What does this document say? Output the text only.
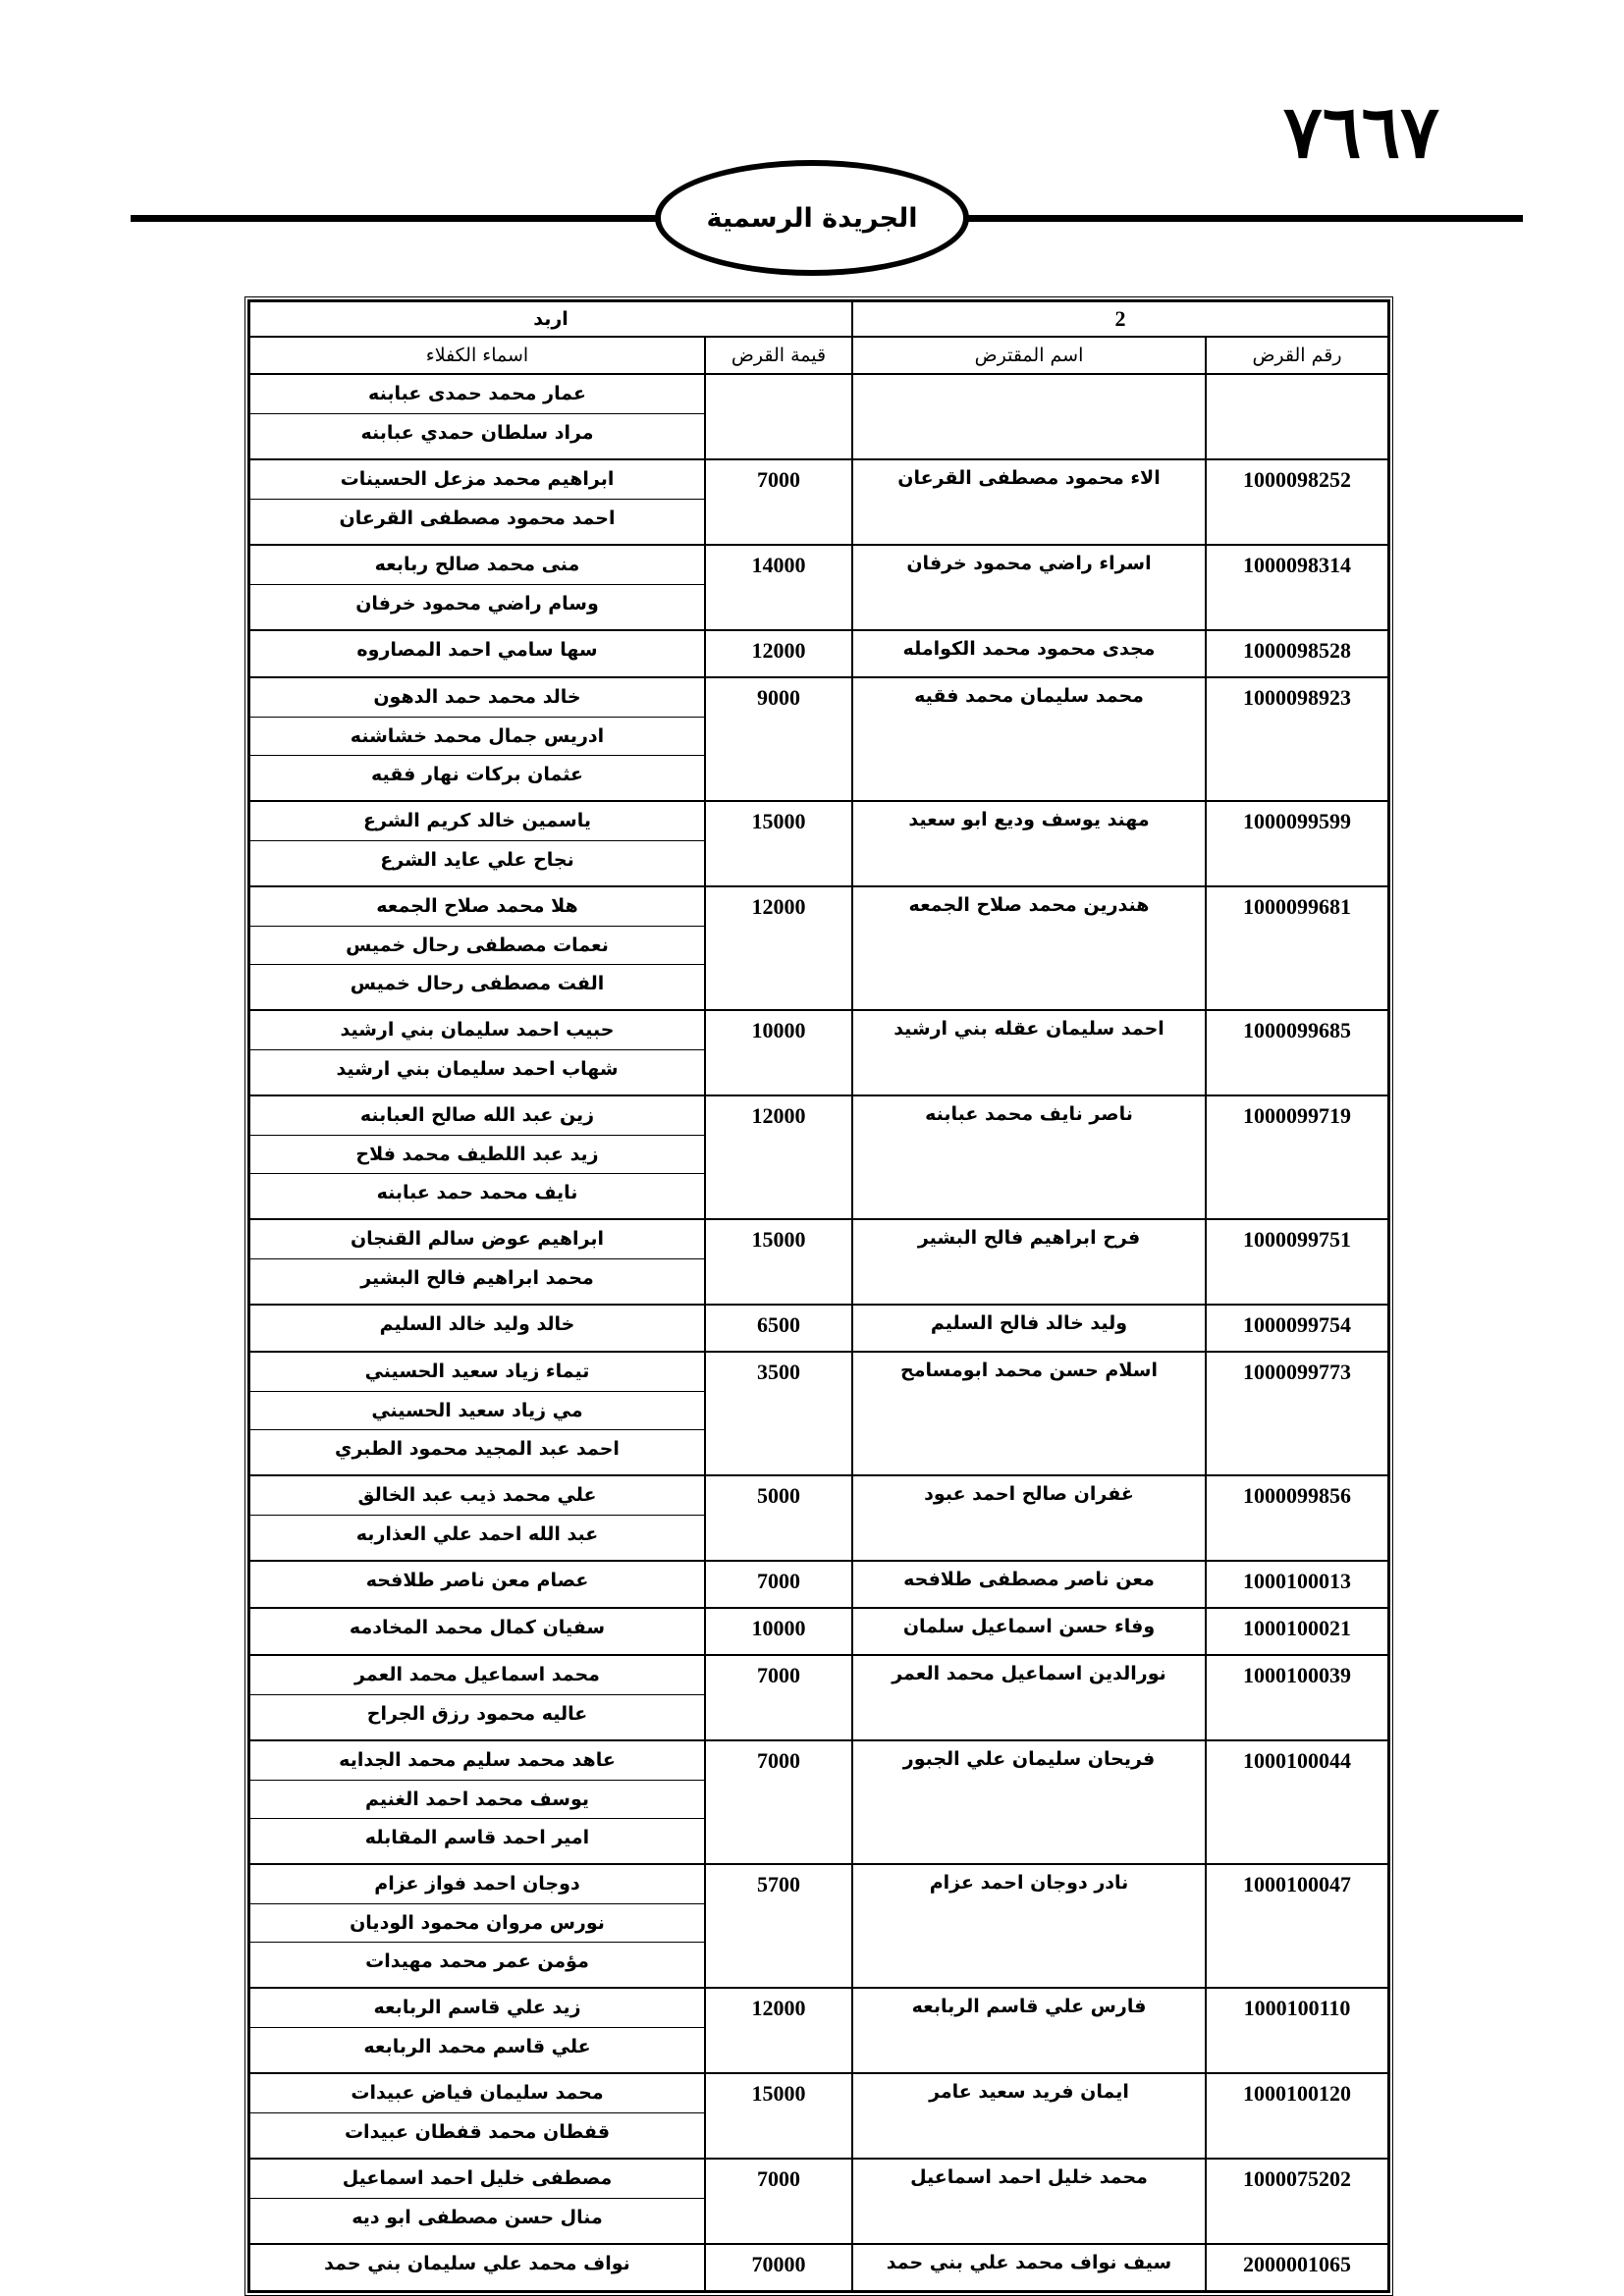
٧٦٦٧
الجريدة الرسمية
2		اربد	
رقم القرض	اسم المقترض	قيمة القرض	اسماء الكفلاء

			عمار محمد حمدى عبابنه
مراد سلطان حمدي عبابنه

1000098252	الاء محمود مصطفى القرعان	7000	ابراهيم محمد مزعل الحسينات
احمد محمود مصطفى القرعان

1000098314	اسراء راضي محمود خرفان	14000	منى محمد صالح ربابعه
وسام راضي محمود خرفان

1000098528	مجدى محمود محمد الكوامله	12000	سها سامي احمد المصاروه

1000098923	محمد سليمان محمد فقيه	9000	خالد محمد حمد الدهون
ادريس جمال محمد خشاشنه
عثمان بركات نهار فقيه

1000099599	مهند يوسف وديع ابو سعيد	15000	ياسمين خالد كريم الشرع
نجاح علي عايد الشرع

1000099681	هندرين محمد صلاح الجمعه	12000	هلا محمد صلاح الجمعه
نعمات مصطفى رحال خميس
الفت مصطفى رحال خميس

1000099685	احمد سليمان عقله بني ارشيد	10000	حبيب احمد سليمان بني ارشيد
شهاب احمد سليمان بني ارشيد

1000099719	ناصر نايف محمد عبابنه	12000	زين عبد الله صالح العبابنه
زيد عبد اللطيف محمد فلاح
نايف محمد حمد عبابنه

1000099751	فرح ابراهيم فالح البشير	15000	ابراهيم عوض سالم القنجان
محمد ابراهيم فالح البشير

1000099754	وليد خالد فالح السليم	6500	خالد وليد خالد السليم

1000099773	اسلام حسن محمد ابومسامح	3500	تيماء زياد سعيد الحسيني
مي زياد سعيد الحسيني
احمد عبد المجيد محمود الطبري

1000099856	غفران صالح احمد عبود	5000	علي محمد ذيب عبد الخالق
عبد الله احمد علي العذاربه

1000100013	معن ناصر مصطفى طلافحه	7000	عصام معن ناصر طلافحه

1000100021	وفاء حسن اسماعيل سلمان	10000	سفيان كمال محمد المخادمه

1000100039	نورالدين اسماعيل محمد العمر	7000	محمد اسماعيل محمد العمر
عاليه محمود رزق الجراح

1000100044	فريحان سليمان علي الجبور	7000	عاهد محمد سليم محمد الجدايه
يوسف محمد احمد الغنيم
امير احمد قاسم المقابله

1000100047	نادر دوجان احمد عزام	5700	دوجان احمد فواز عزام
نورس مروان محمود الوديان
مؤمن عمر محمد مهيدات

1000100110	فارس علي قاسم الربابعه	12000	زيد علي قاسم الربابعه
علي قاسم محمد الربابعه

1000100120	ايمان فريد سعيد عامر	15000	محمد سليمان فياض عبيدات
قفطان محمد قفطان عبيدات

1000075202	محمد خليل احمد اسماعيل	7000	مصطفى خليل احمد اسماعيل
منال حسن مصطفى ابو ديه

2000001065	سيف نواف محمد علي بني حمد	70000	نواف محمد علي سليمان بني حمد
